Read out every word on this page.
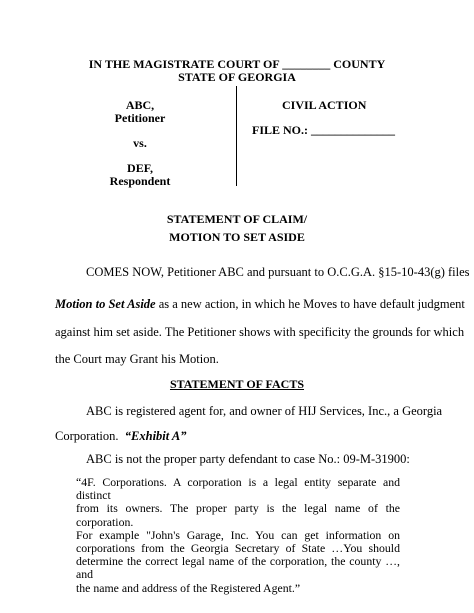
IN THE MAGISTRATE COURT OF ________ COUNTY
STATE OF GEORGIA
ABC,
Petitioner
vs.
DEF,
Respondent
CIVIL ACTION
FILE NO.: ______________
STATEMENT OF CLAIM/
MOTION TO SET ASIDE
COMES NOW, Petitioner ABC and pursuant to O.C.G.A. §15-10-43(g) files
Motion to Set Aside as a new action, in which he Moves to have default judgment
against him set aside. The Petitioner shows with specificity the grounds for which
the Court may Grant his Motion.
STATEMENT OF FACTS
ABC is registered agent for, and owner of HIJ Services, Inc., a Georgia
Corporation. “Exhibit A”
ABC is not the proper party defendant to case No.: 09-M-31900:
“4F. Corporations. A corporation is a legal entity separate and distinct
from its owners. The proper party is the legal name of the corporation.
For example "John's Garage, Inc. You can get information on
corporations from the Georgia Secretary of State …You should
determine the correct legal name of the corporation, the county …, and
the name and address of the Registered Agent.”
